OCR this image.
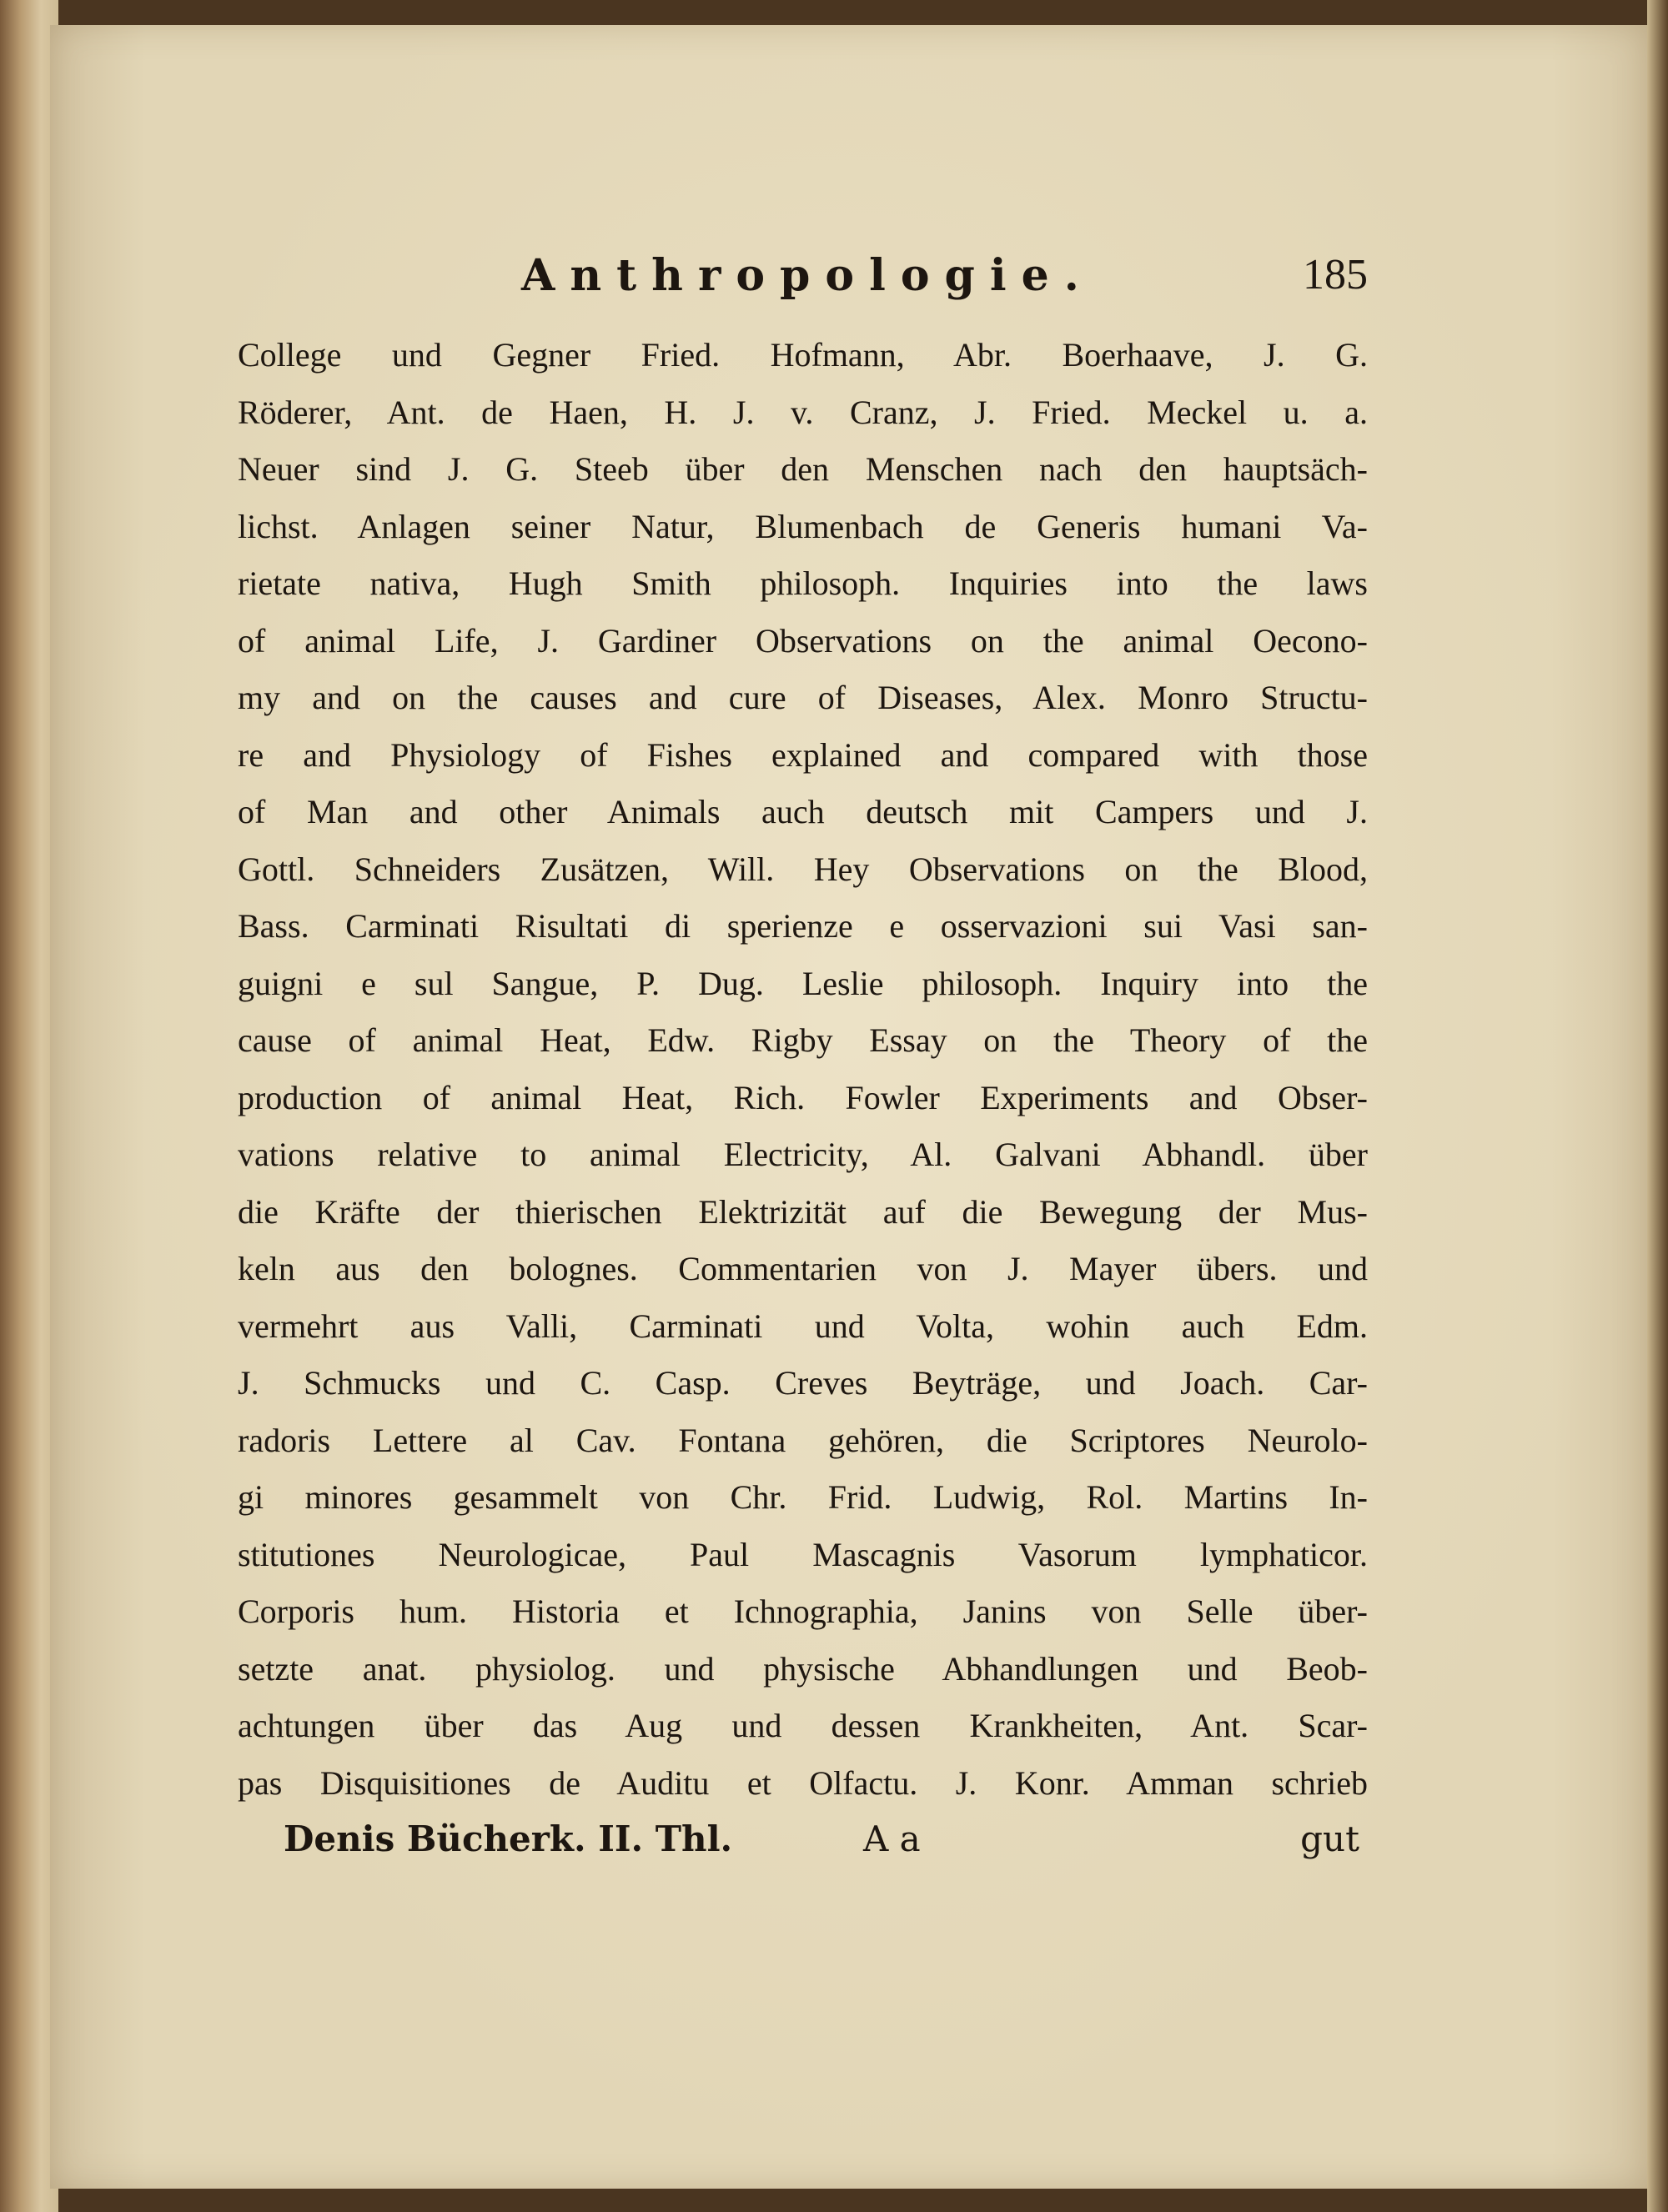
Anthropologie.	185
College und Gegner Fried. Hofmann, Abr. Boerhaave, J. G.
Röderer, Ant. de Haen, H. J. v. Cranz, J. Fried. Meckel u. a.
Neuer sind J. G. Steeb über den Menschen nach den hauptsäch-
lichst. Anlagen seiner Natur, Blumenbach de Generis humani Va-
rietate nativa, Hugh Smith philosoph. Inquiries into the laws
of animal Life, J. Gardiner Observations on the animal Oecono-
my and on the causes and cure of Diseases, Alex. Monro Structu-
re and Physiology of Fishes explained and compared with those
of Man and other Animals auch deutsch mit Campers und J.
Gottl. Schneiders Zusätzen, Will. Hey Observations on the Blood,
Bass. Carminati Risultati di sperienze e osservazioni sui Vasi san-
guigni e sul Sangue, P. Dug. Leslie philosoph. Inquiry into the
cause of animal Heat, Edw. Rigby Essay on the Theory of the
production of animal Heat, Rich. Fowler Experiments and Obser-
vations relative to animal Electricity, Al. Galvani Abhandl. über
die Kräfte der thierischen Elektrizität auf die Bewegung der Mus-
keln aus den bolognes. Commentarien von J. Mayer übers. und
vermehrt aus Valli, Carminati und Volta, wohin auch Edm.
J. Schmucks und C. Casp. Creves Beyträge, und Joach. Car-
radoris Lettere al Cav. Fontana gehören, die Scriptores Neurolo-
gi minores gesammelt von Chr. Frid. Ludwig, Rol. Martins In-
stitutiones Neurologicae, Paul Mascagnis Vasorum lymphaticor.
Corporis hum. Historia et Ichnographia, Janins von Selle über-
setzte anat. physiolog. und physische Abhandlungen und Beob-
achtungen über das Aug und dessen Krankheiten, Ant. Scar-
pas Disquisitiones de Auditu et Olfactu. J. Konr. Amman schrieb
Denis Bücherk. II. Thl.	A a	gut
